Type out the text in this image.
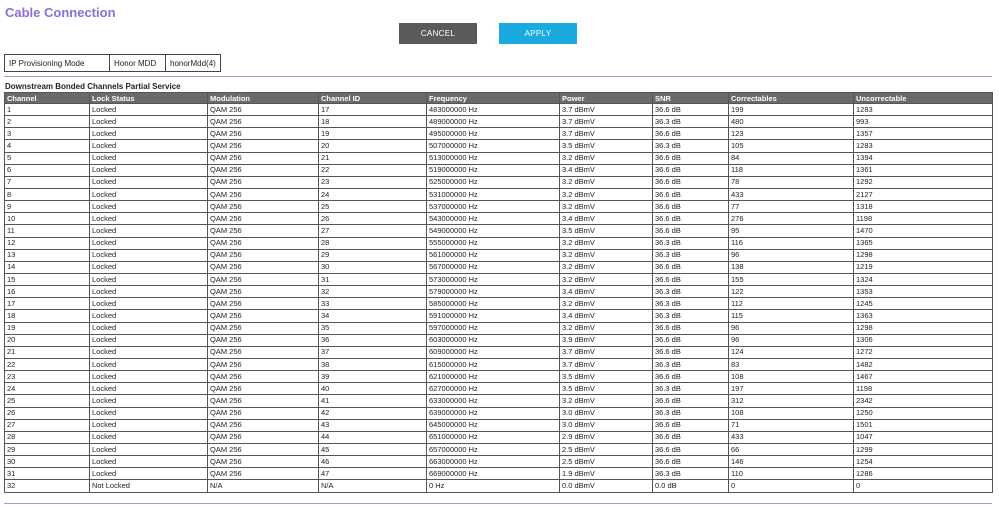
Cable Connection
CANCEL	APPLY
IP Provisioning Mode	Honor MDD	honorMdd(4)
Downstream Bonded Channels Partial Service
Channel	Lock Status	Modulation	Channel ID	Frequency	Power	SNR	Correctables	Uncorrectable
1	Locked	QAM 256	17	483000000 Hz	3.7 dBmV	36.6 dB	199	1283
2	Locked	QAM 256	18	489000000 Hz	3.7 dBmV	36.3 dB	480	993
3	Locked	QAM 256	19	495000000 Hz	3.7 dBmV	36.6 dB	123	1357
4	Locked	QAM 256	20	507000000 Hz	3.5 dBmV	36.3 dB	105	1283
5	Locked	QAM 256	21	513000000 Hz	3.2 dBmV	36.6 dB	84	1394
6	Locked	QAM 256	22	519000000 Hz	3.4 dBmV	36.6 dB	118	1361
7	Locked	QAM 256	23	525000000 Hz	3.2 dBmV	36.6 dB	78	1292
8	Locked	QAM 256	24	531000000 Hz	3.2 dBmV	36.6 dB	433	2127
9	Locked	QAM 256	25	537000000 Hz	3.2 dBmV	36.6 dB	77	1318
10	Locked	QAM 256	26	543000000 Hz	3.4 dBmV	36.6 dB	276	1198
11	Locked	QAM 256	27	549000000 Hz	3.5 dBmV	36.6 dB	95	1470
12	Locked	QAM 256	28	555000000 Hz	3.2 dBmV	36.3 dB	116	1365
13	Locked	QAM 256	29	561000000 Hz	3.2 dBmV	36.3 dB	96	1298
14	Locked	QAM 256	30	567000000 Hz	3.2 dBmV	36.6 dB	138	1219
15	Locked	QAM 256	31	573000000 Hz	3.2 dBmV	36.6 dB	155	1324
16	Locked	QAM 256	32	579000000 Hz	3.4 dBmV	36.3 dB	122	1353
17	Locked	QAM 256	33	585000000 Hz	3.2 dBmV	36.3 dB	112	1245
18	Locked	QAM 256	34	591000000 Hz	3.4 dBmV	36.3 dB	115	1363
19	Locked	QAM 256	35	597000000 Hz	3.2 dBmV	36.6 dB	96	1298
20	Locked	QAM 256	36	603000000 Hz	3.9 dBmV	36.6 dB	96	1306
21	Locked	QAM 256	37	609000000 Hz	3.7 dBmV	36.6 dB	124	1272
22	Locked	QAM 256	38	615000000 Hz	3.7 dBmV	36.3 dB	83	1482
23	Locked	QAM 256	39	621000000 Hz	3.5 dBmV	36.6 dB	108	1467
24	Locked	QAM 256	40	627000000 Hz	3.5 dBmV	36.3 dB	197	1198
25	Locked	QAM 256	41	633000000 Hz	3.2 dBmV	36.6 dB	312	2342
26	Locked	QAM 256	42	639000000 Hz	3.0 dBmV	36.3 dB	108	1250
27	Locked	QAM 256	43	645000000 Hz	3.0 dBmV	36.6 dB	71	1501
28	Locked	QAM 256	44	651000000 Hz	2.9 dBmV	36.6 dB	433	1047
29	Locked	QAM 256	45	657000000 Hz	2.5 dBmV	36.6 dB	66	1299
30	Locked	QAM 256	46	663000000 Hz	2.5 dBmV	36.6 dB	146	1254
31	Locked	QAM 256	47	669000000 Hz	1.9 dBmV	36.3 dB	110	1286
32	Not Locked	N/A	N/A	0 Hz	0.0 dBmV	0.0 dB	0	0
